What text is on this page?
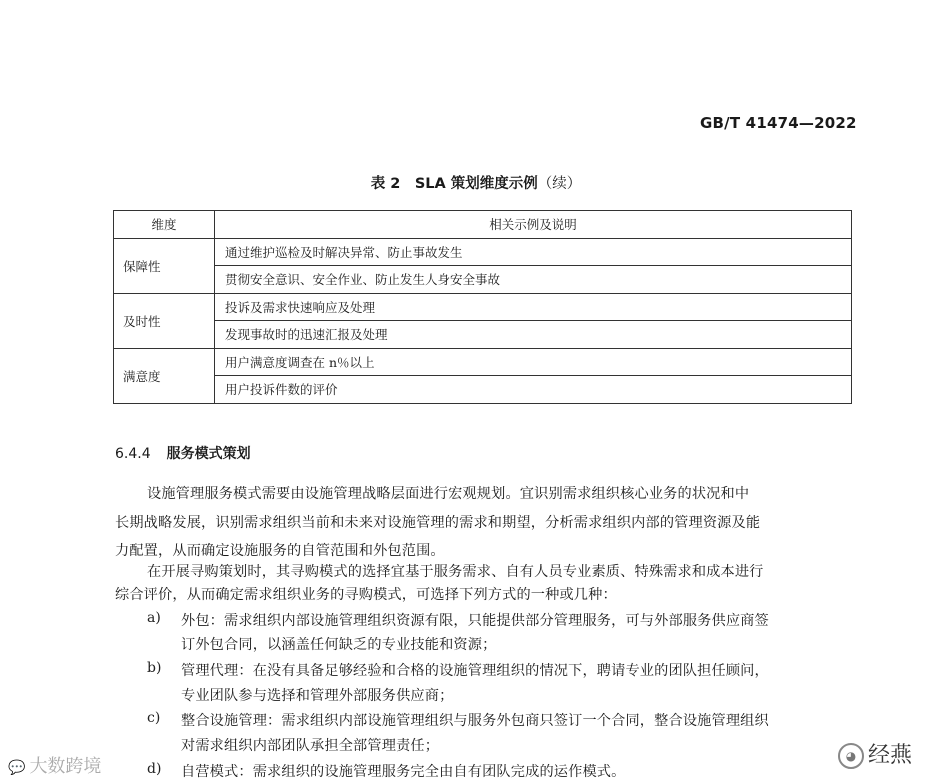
GB/T 41474—2022
表 2　SLA 策划维度示例（续）
维度	相关示例及说明
保障性	通过维护巡检及时解决异常、防止事故发生
	贯彻安全意识、安全作业、防止发生人身安全事故
及时性	投诉及需求快速响应及处理
	发现事故时的迅速汇报及处理
满意度	用户满意度调查在 n％以上
	用户投诉件数的评价
6.4.4 服务模式策划
设施管理服务模式需要由设施管理战略层面进行宏观规划。宜识别需求组织核心业务的状况和中
长期战略发展，识别需求组织当前和未来对设施管理的需求和期望，分析需求组织内部的管理资源及能
力配置，从而确定设施服务的自管范围和外包范围。
在开展寻购策划时，其寻购模式的选择宜基于服务需求、自有人员专业素质、特殊需求和成本进行
综合评价，从而确定需求组织业务的寻购模式，可选择下列方式的一种或几种：
a) 外包：需求组织内部设施管理组织资源有限，只能提供部分管理服务，可与外部服务供应商签
订外包合同，以涵盖任何缺乏的专业技能和资源；
b) 管理代理：在没有具备足够经验和合格的设施管理组织的情况下，聘请专业的团队担任顾问，
专业团队参与选择和管理外部服务供应商；
c) 整合设施管理：需求组织内部设施管理组织与服务外包商只签订一个合同，整合设施管理组织
对需求组织内部团队承担全部管理责任；
d) 自营模式：需求组织的设施管理服务完全由自有团队完成的运作模式。
💬 大数跨境	◕ 经燕
